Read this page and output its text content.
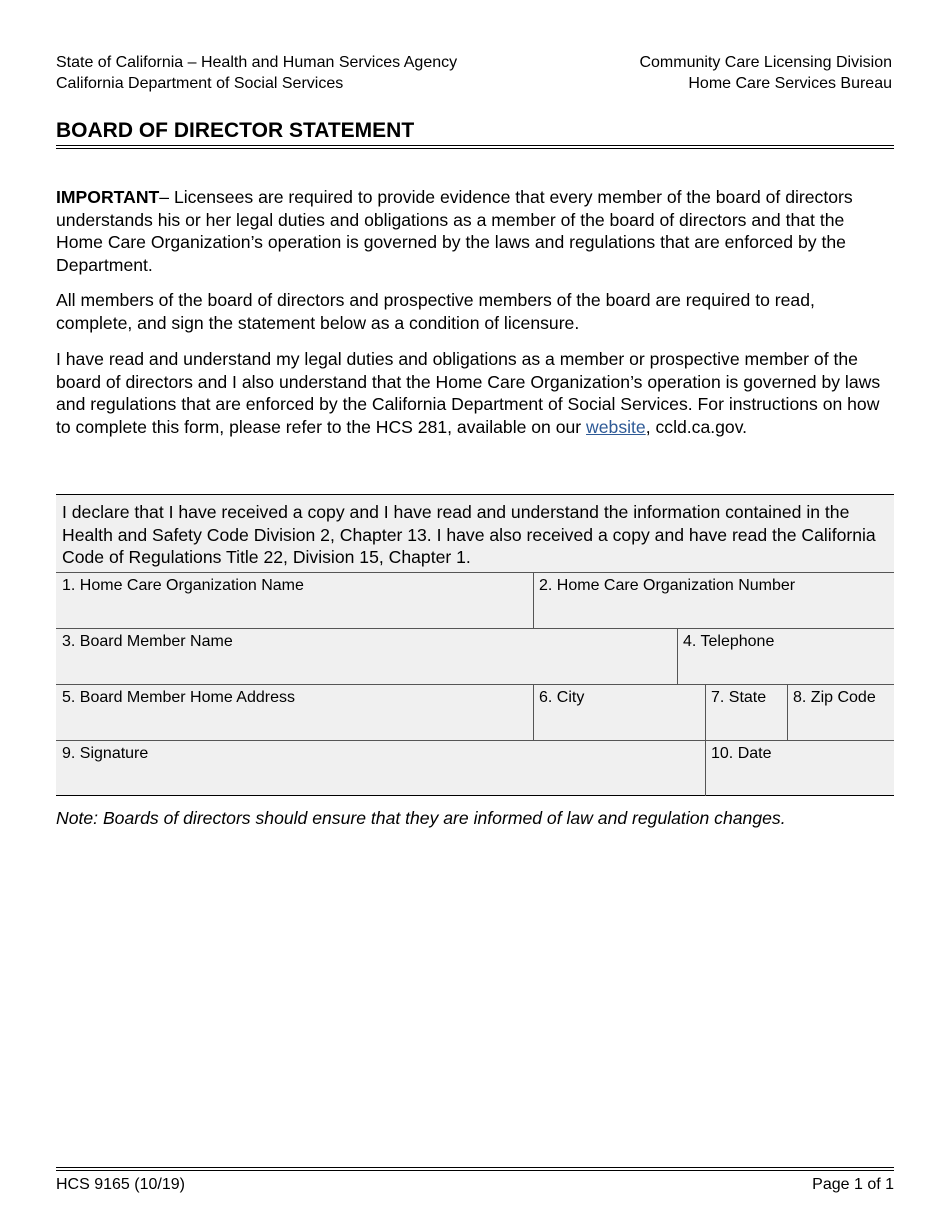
State of California – Health and Human Services Agency
California Department of Social Services
Community Care Licensing Division
Home Care Services Bureau
BOARD OF DIRECTOR STATEMENT
IMPORTANT– Licensees are required to provide evidence that every member of the board of directors understands his or her legal duties and obligations as a member of the board of directors and that the Home Care Organization’s operation is governed by the laws and regulations that are enforced by the Department.
All members of the board of directors and prospective members of the board are required to read, complete, and sign the statement below as a condition of licensure.
I have read and understand my legal duties and obligations as a member or prospective member of the board of directors and I also understand that the Home Care Organization’s operation is governed by laws and regulations that are enforced by the California Department of Social Services. For instructions on how to complete this form, please refer to the HCS 281, available on our website, ccld.ca.gov.
I declare that I have received a copy and I have read and understand the information contained in the Health and Safety Code Division 2, Chapter 13. I have also received a copy and have read the California Code of Regulations Title 22, Division 15, Chapter 1.
1. Home Care Organization Name	2. Home Care Organization Number
3. Board Member Name	4. Telephone
5. Board Member Home Address	6. City	7. State	8. Zip Code
9. Signature	10. Date
Note: Boards of directors should ensure that they are informed of law and regulation changes.
HCS 9165 (10/19)	Page 1 of 1
